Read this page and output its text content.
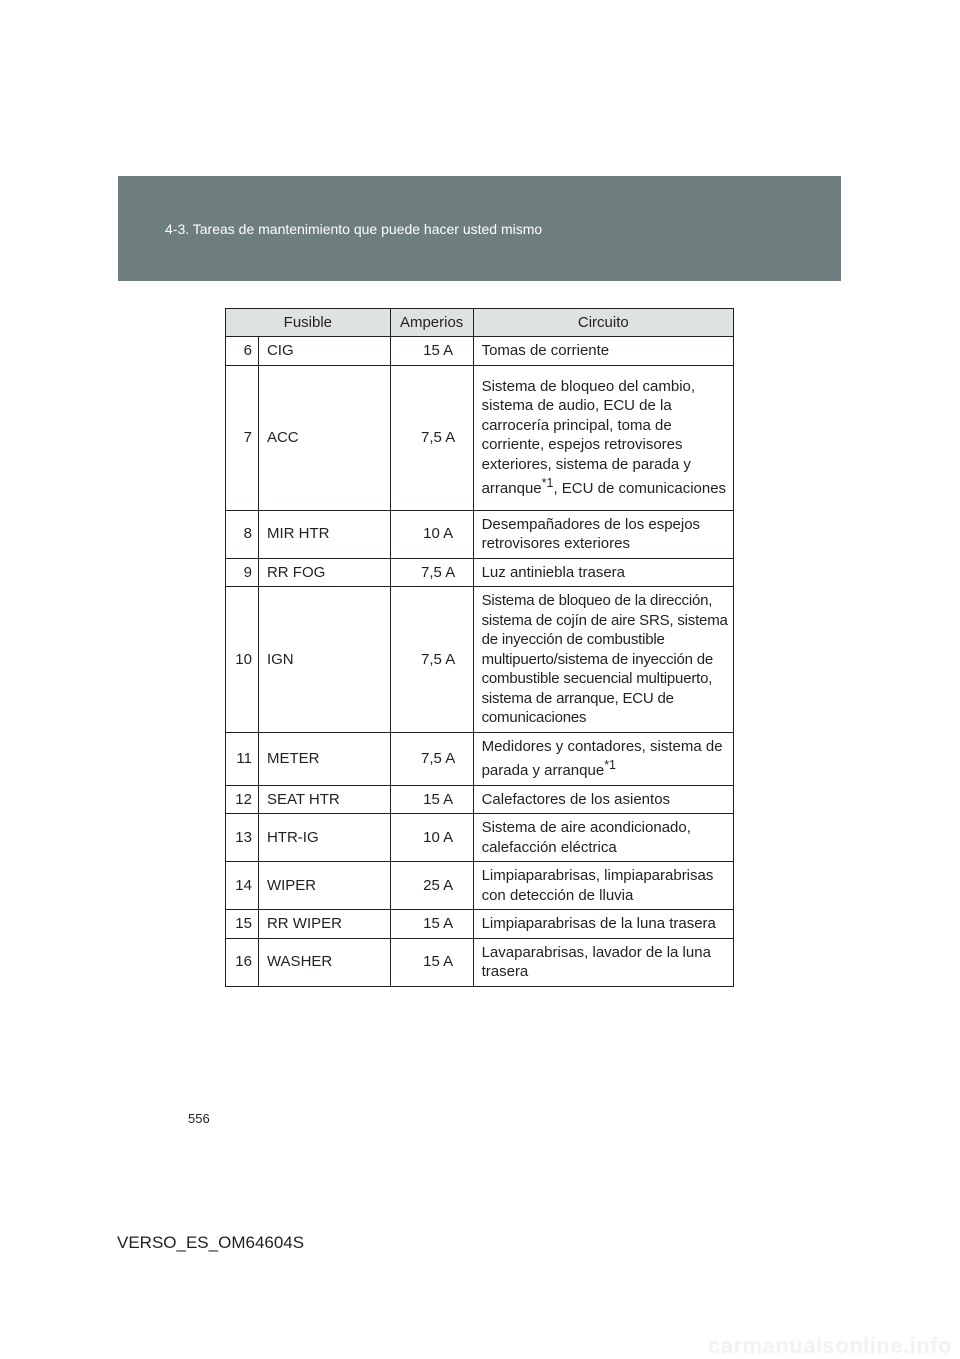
4-3. Tareas de mantenimiento que puede hacer usted mismo
Fusible		Amperios	Circuito
6	CIG	15 A	Tomas de corriente
7	ACC	7,5 A	Sistema de bloqueo del cambio, sistema de audio, ECU de la carrocería principal, toma de corriente, espejos retrovisores exteriores, sistema de parada y arranque$^{*1}$, ECU de comunicaciones
8	MIR HTR	10 A	Desempañadores de los espejos retrovisores exteriores
9	RR FOG	7,5 A	Luz antiniebla trasera
10	IGN	7,5 A	Sistema de bloqueo de la dirección, sistema de cojín de aire SRS, sistema de inyección de combustible multipuerto/sistema de inyección de combustible secuencial multipuerto, sistema de arranque, ECU de comunicaciones
11	METER	7,5 A	Medidores y contadores, sistema de parada y arranque$^{*1}$
12	SEAT HTR	15 A	Calefactores de los asientos
13	HTR-IG	10 A	Sistema de aire acondicionado, calefacción eléctrica
14	WIPER	25 A	Limpiaparabrisas, limpiaparabrisas con detección de lluvia
15	RR WIPER	15 A	Limpiaparabrisas de la luna trasera
16	WASHER	15 A	Lavaparabrisas, lavador de la luna trasera
556
VERSO_ES_OM64604S
carmanualsonline.info
